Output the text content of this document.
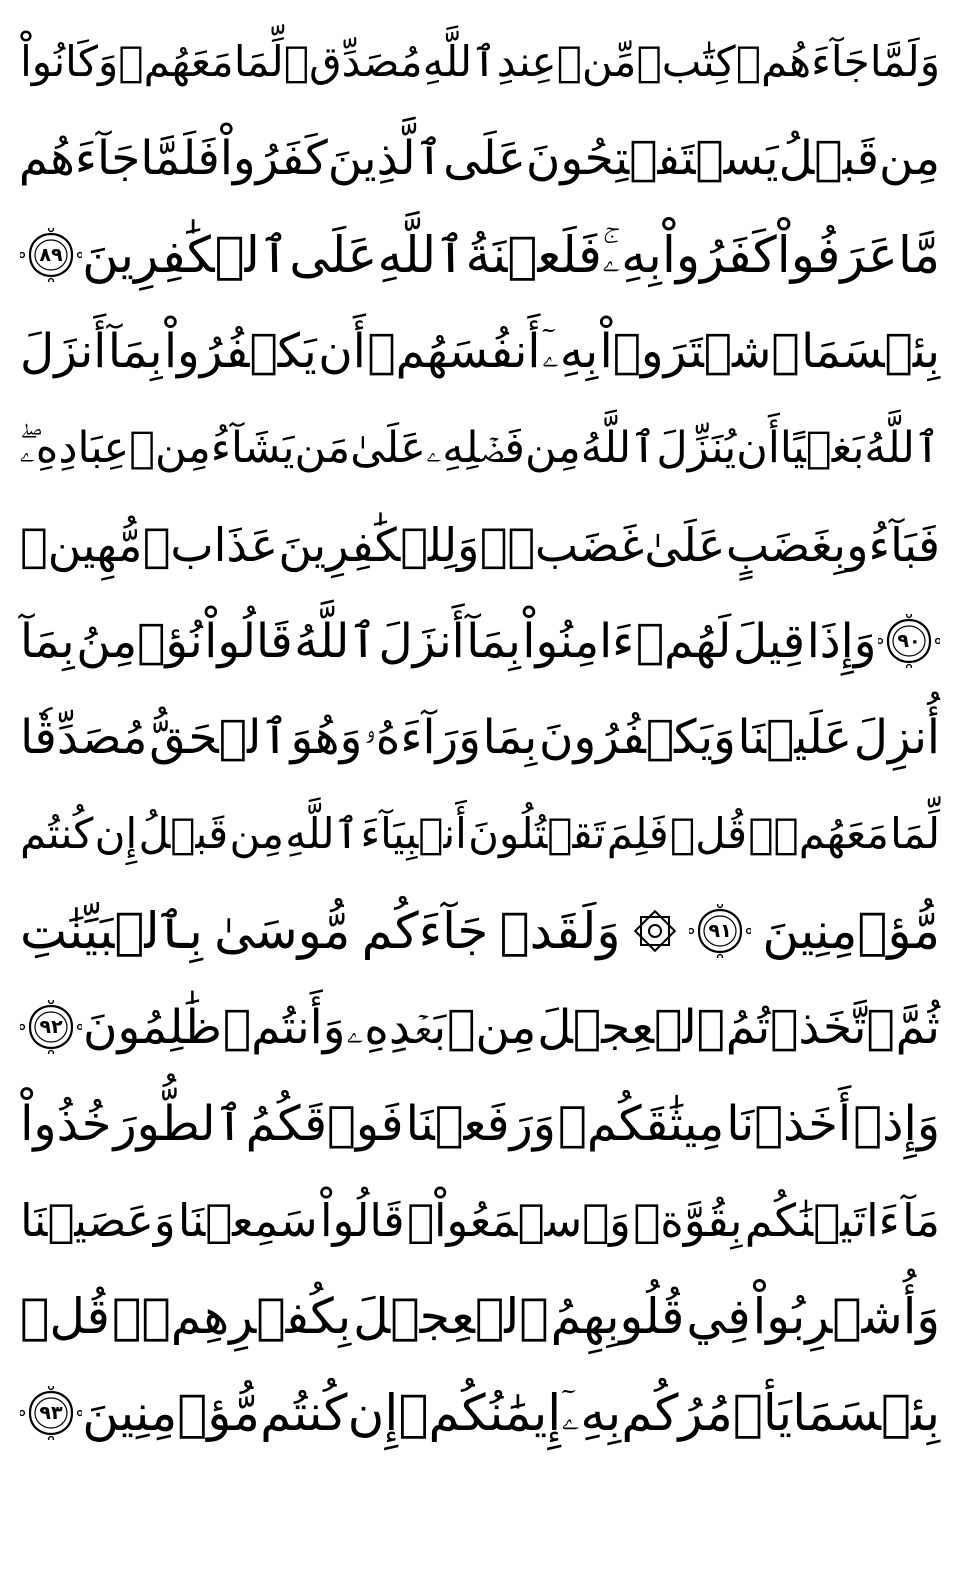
وَلَمَّا
جَآءَهُمۡ
كِتَٰبٞ
مِّنۡ
عِندِ
ٱللَّهِ
مُصَدِّقٞ
لِّمَا
مَعَهُمۡ
وَكَانُواْ
مِن
قَبۡلُ
يَسۡتَفۡتِحُونَ
عَلَى
ٱلَّذِينَ
كَفَرُواْ
فَلَمَّا
جَآءَهُم
مَّا
عَرَفُواْ
كَفَرُواْ
بِهِۦۚ
فَلَعۡنَةُ
ٱللَّهِ
عَلَى
ٱلۡكَٰفِرِينَ
٨٩
بِئۡسَمَا
ٱشۡتَرَوۡاْ
بِهِۦٓ
أَنفُسَهُمۡ
أَن
يَكۡفُرُواْ
بِمَآ
أَنزَلَ
ٱللَّهُ
بَغۡيًا
أَن
يُنَزِّلَ
ٱللَّهُ
مِن
فَضۡلِهِۦ
عَلَىٰ
مَن
يَشَآءُ
مِنۡ
عِبَادِهِۦۖ
فَبَآءُو
بِغَضَبٍ
عَلَىٰ
غَضَبٖۚ
وَلِلۡكَٰفِرِينَ
عَذَابٞ
مُّهِينٞ
٩٠
وَإِذَا
قِيلَ
لَهُمۡ
ءَامِنُواْ
بِمَآ
أَنزَلَ
ٱللَّهُ
قَالُواْ
نُؤۡمِنُ
بِمَآ
أُنزِلَ
عَلَيۡنَا
وَيَكۡفُرُونَ
بِمَا
وَرَآءَهُۥ
وَهُوَ
ٱلۡحَقُّ
مُصَدِّقٗا
لِّمَا
مَعَهُمۡۗ
قُلۡ
فَلِمَ
تَقۡتُلُونَ
أَنۢبِيَآءَ
ٱللَّهِ
مِن
قَبۡلُ
إِن
كُنتُم
مُّؤۡمِنِينَ
٩١
وَلَقَدۡ
جَآءَكُم
مُّوسَىٰ
بِٱلۡبَيِّنَٰتِ
ثُمَّ
ٱتَّخَذۡتُمُ
ٱلۡعِجۡلَ
مِنۢ
بَعۡدِهِۦ
وَأَنتُمۡ
ظَٰلِمُونَ
٩٢
وَإِذۡ
أَخَذۡنَا
مِيثَٰقَكُمۡ
وَرَفَعۡنَا
فَوۡقَكُمُ
ٱلطُّورَ
خُذُواْ
مَآ
ءَاتَيۡنَٰكُم
بِقُوَّةٖ
وَٱسۡمَعُواْۖ
قَالُواْ
سَمِعۡنَا
وَعَصَيۡنَا
وَأُشۡرِبُواْ
فِي
قُلُوبِهِمُ
ٱلۡعِجۡلَ
بِكُفۡرِهِمۡۚ
قُلۡ
بِئۡسَمَا
يَأۡمُرُكُم
بِهِۦٓ
إِيمَٰنُكُمۡ
إِن
كُنتُم
مُّؤۡمِنِينَ
٩٣
